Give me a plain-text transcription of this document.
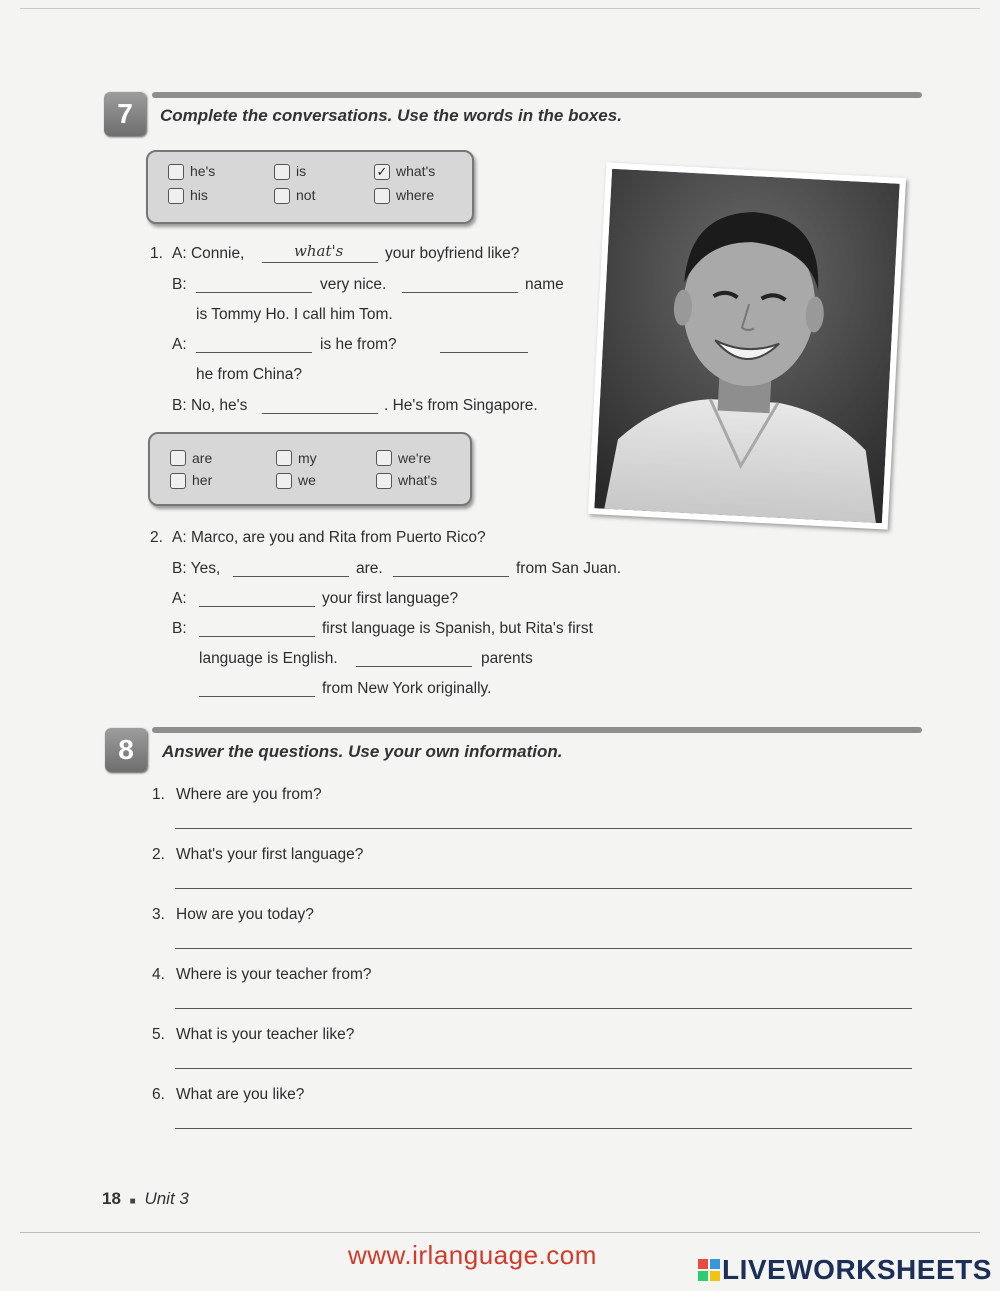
7 Complete the conversations. Use the words in the boxes.
he's	is	✓ what's
his	not	where
1. A: Connie,	what's	your boyfriend like?
B:	very nice.	name
is Tommy Ho. I call him Tom.
A:	is he from?
he from China?
B: No, he's	. He's from Singapore.
are	my	we're
her	we	what's
2. A: Marco, are you and Rita from Puerto Rico?
B: Yes,	are.	from San Juan.
A:	your first language?
B:	first language is Spanish, but Rita's first
language is English.	parents
from New York originally.
8 Answer the questions. Use your own information.
1. Where are you from?
2. What's your first language?
3. How are you today?
4. Where is your teacher from?
5. What is your teacher like?
6. What are you like?
18 ■ Unit 3
www.irlanguage.com	LIVEWORKSHEETS
